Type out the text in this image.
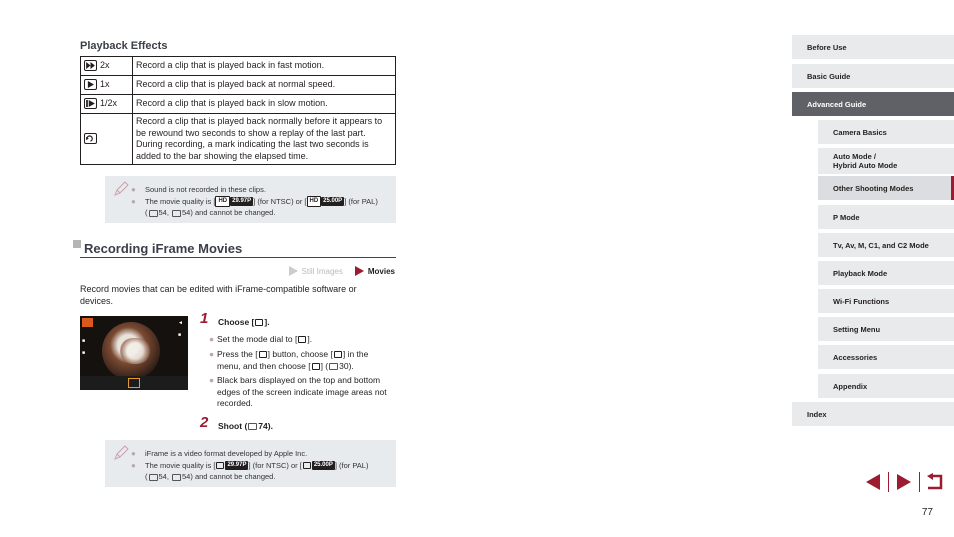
Playback Effects
2x	Record a clip that is played back in fast motion.

1x	Record a clip that is played back at normal speed.

1/2x	Record a clip that is played back in slow motion.

	Record a clip that is played back normally before it appears to be rewound two seconds to show a replay of the last part. During recording, a mark indicating the last two seconds is added to the bar showing the elapsed time.
● Sound is not recorded in these clips.
● The movie quality is [ HD 29.97P ] (for NTSC) or [ HD 25.00P ] (for PAL)
( 54, 54) and cannot be changed.
Recording iFrame Movies
Still Images	Movies
Record movies that can be edited with iFrame-compatible software or devices.
■
■
◄
■
1 Choose [ ].
● Set the mode dial to [ ].
● Press the [ ] button, choose [ ] in the menu, and then choose [ ] ( 30).
● Black bars displayed on the top and bottom edges of the screen indicate image areas not recorded.
2 Shoot ( 74).
● iFrame is a video format developed by Apple Inc.
● The movie quality is [ 29.97P ] (for NTSC) or [ 25.00P ] (for PAL)
( 54, 54) and cannot be changed.
Before Use
Basic Guide
Advanced Guide
Camera Basics
Auto Mode /
Hybrid Auto Mode
Other Shooting Modes
P Mode
Tv, Av, M, C1, and C2 Mode
Playback Mode
Wi-Fi Functions
Setting Menu
Accessories
Appendix
Index
77
